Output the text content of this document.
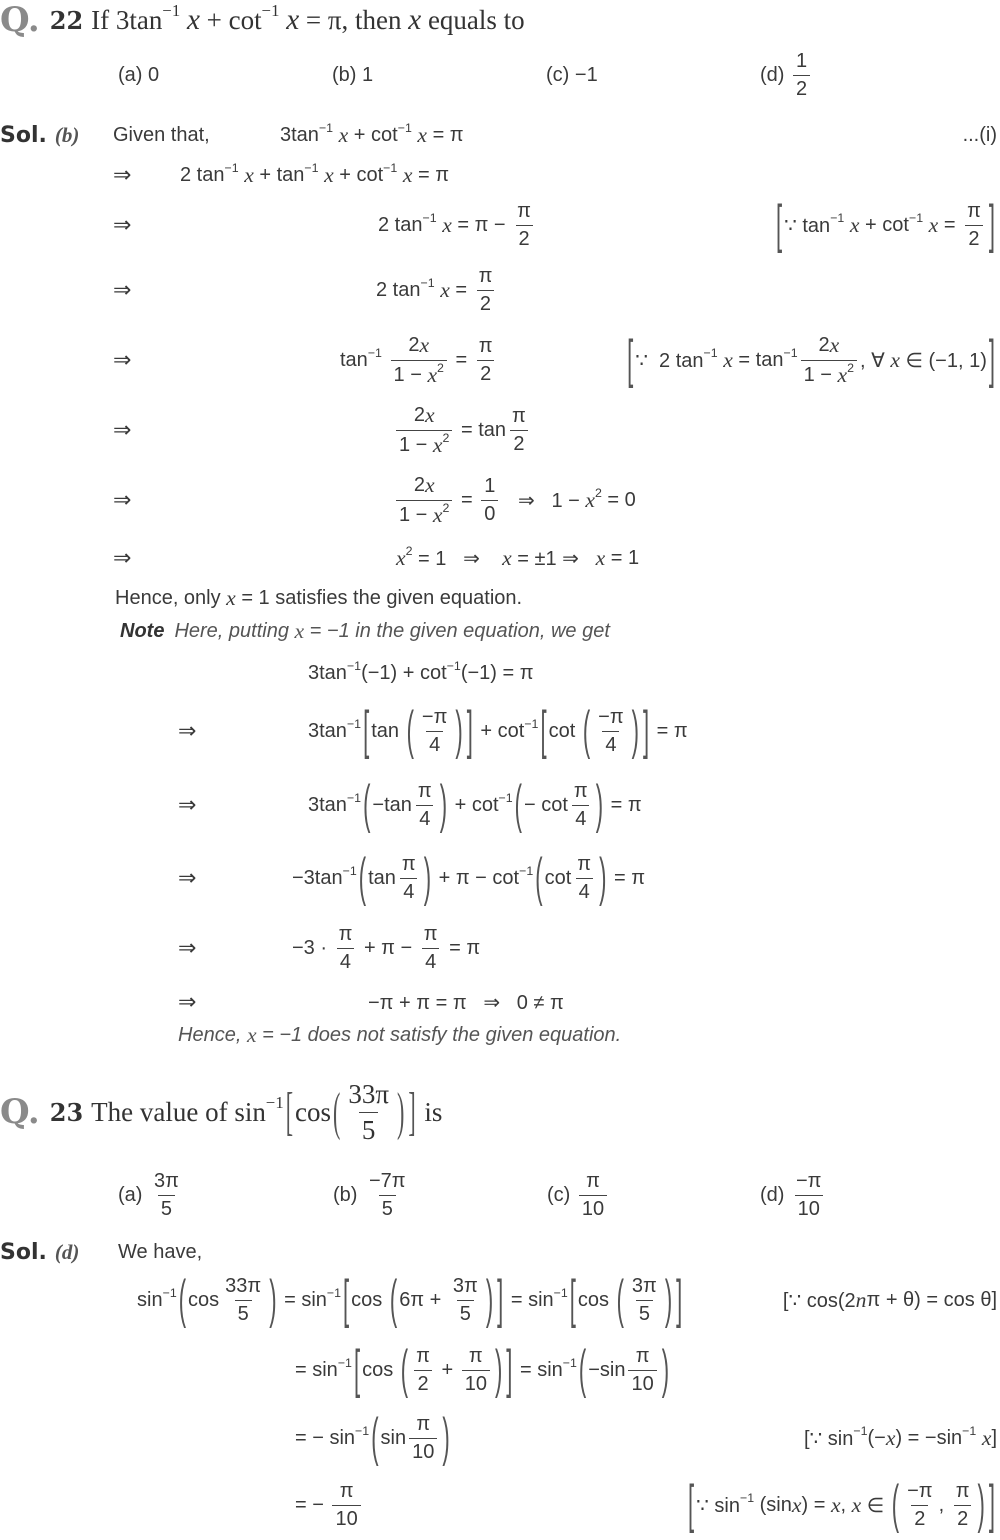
Q. 22 If $3\tan^{-1}$
$x + \cot^{-1}$
x = π, then x equals to
(a) 0	(b) 1	(c) −1	$(d) \frac{1}{2}$
Sol. (b) Given that,	$3\tan^{-1}$
$x + \cot^{-1}$
x = π	...(i)
⇒ 2 $\tan^{-1}$
$x + \tan^{-1}$
$x + \cot^{-1}$
x = π
⇒	2 $\tan^{-1}$
$x = \pi - \frac{\pi}{2}$	[ ∵ $\tan^{-1}$
$x + \cot^{-1}$
$x = \frac{\pi}{2}$ ]
⇒	2 $\tan^{-1}$
$x = \frac{\pi}{2}$
⇒	$\tan^{-1}$
$\frac{2 x}{1 - x^2} = \frac{\pi}{2}$	[ ∵  2 $\tan^{-1}$
$x = \tan^{-1} \frac{2 x}{1 - x^2}$ , ∀ x ∈ (−1, 1) ]
⇒	$\frac{2 x}{1 - x^2} = \tan \frac{\pi}{2}$
⇒	$\frac{2 x}{1 - x^2} = \frac{1}{0}$ ⇒   $1 - x^2 = 0$
⇒	$x^2 = 1$   ⇒ x = ±1 ⇒ x = 1
Hence, only x = 1 satisfies the given equation.
Note Here, putting x = −1 in the given equation, we get
$3\tan^{-1}$ $(-1) + \cot^{-1} (-1) = \pi$
⇒	$3\tan^{-1}$ [ tan ( $\frac{-\pi}{4}$ ) ] + $\cot^{-1}$ [ cot ( $\frac{-\pi}{4}$ ) ] = π
⇒	$3\tan^{-1}$ ( $-\tan \frac{\pi}{4}$ ) + $\cot^{-1}$ ( − $\cot \frac{\pi}{4}$ ) = π
⇒	$-3\tan^{-1}$ ( $\tan \frac{\pi}{4}$ ) + $\pi - \cot^{-1}$ ( $\cot \frac{\pi}{4}$ ) = π
⇒	$-3 \cdot \frac{\pi}{4} + \pi - \frac{\pi}{4} = \pi$
⇒	−π + π = π   ⇒   0 ≠ π
Hence, x = −1 does not satisfy the given equation.
Q. 23 The value of $\sin^{-1}$ [ cos ( $\frac{33\pi}{5}$ ) ] is
$(a) \frac{3\pi}{5}$	$(b) \frac{-7\pi}{5}$	$(c) \frac{\pi}{10}$	$(d) \frac{-\pi}{10}$
Sol. (d) We have,
$\sin^{-1}$ ( $\cos \frac{33\pi}{5}$ ) = $\sin^{-1}$ [ cos ( $6\pi + \frac{3\pi}{5}$ ) ] = $\sin^{-1}$ [ cos ( $\frac{3\pi}{5}$ ) ]	[∵ cos(2 n π + θ) = cos θ]
= $\sin^{-1}$ [ cos ( $\frac{\pi}{2} + \frac{\pi}{10}$ ) ] = $\sin^{-1}$ ( $-\sin \frac{\pi}{10}$ )
= − $\sin^{-1}$ ( $\sin \frac{\pi}{10}$ )	[∵ $\sin^{-1}$ (− x ) = $-\sin^{-1}$
x ]
= − $\frac{\pi}{10}$	[ ∵ $\sin^{-1} (\sin$ x ) = x , x ∈ ( $\frac{-\pi}{2}$ , $\frac{\pi}{2}$ ) ]
